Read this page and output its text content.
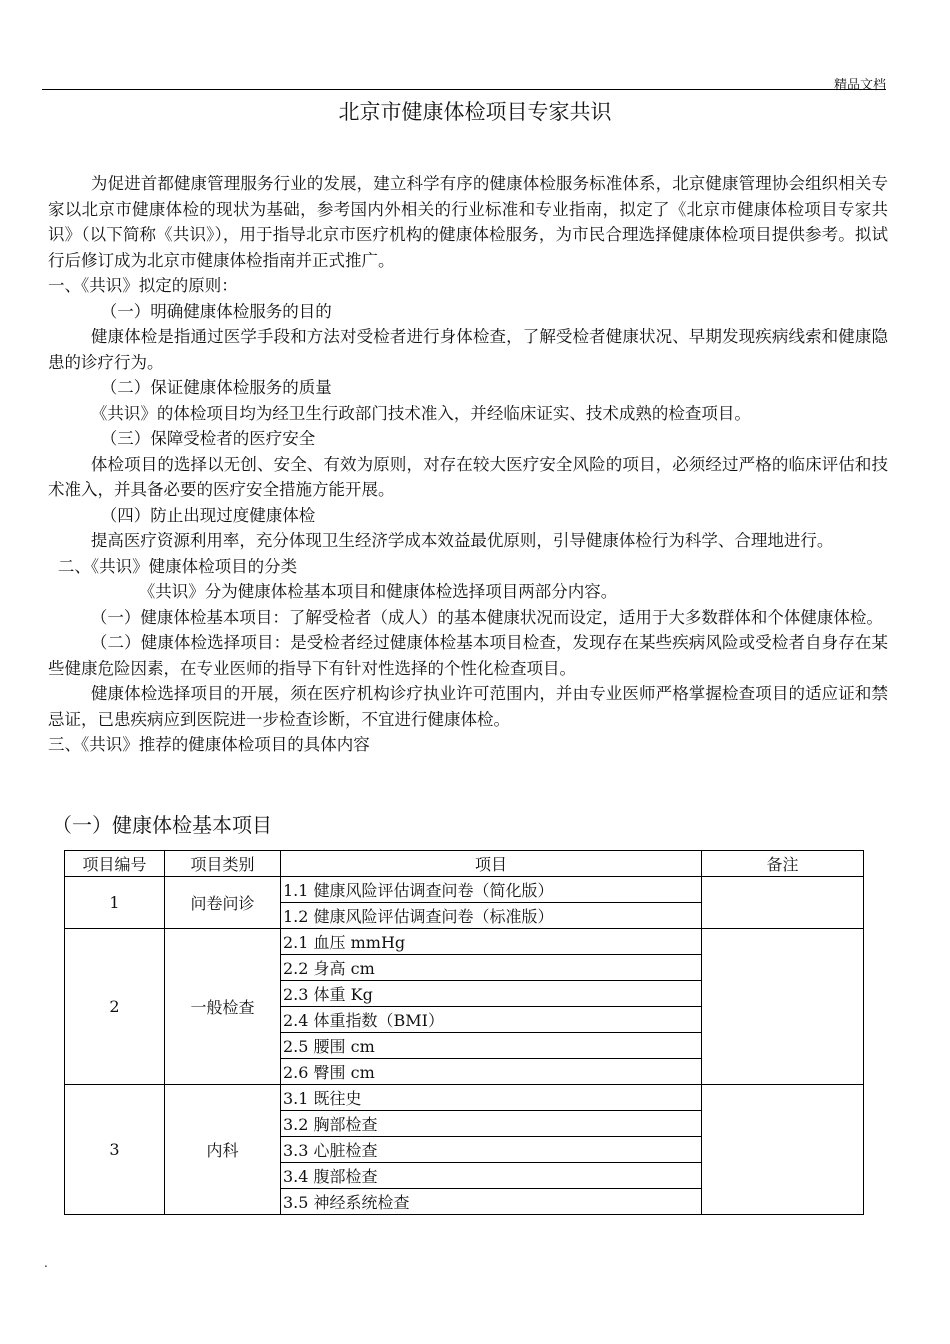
精品文档
北京市健康体检项目专家共识

为促进首都健康管理服务行业的发展，建立科学有序的健康体检服务标准体系，北京健康管理协会组织相关专家以北京市健康体检的现状为基础，参考国内外相关的行业标准和专业指南，拟定了《北京市健康体检项目专家共识》（以下简称《共识》），用于指导北京市医疗机构的健康体检服务，为市民合理选择健康体检项目提供参考。拟试行后修订成为北京市健康体检指南并正式推广。

一、《共识》拟定的原则：

（一）明确健康体检服务的目的

健康体检是指通过医学手段和方法对受检者进行身体检查，了解受检者健康状况、早期发现疾病线索和健康隐患的诊疗行为。

（二）保证健康体检服务的质量

《共识》的体检项目均为经卫生行政部门技术准入，并经临床证实、技术成熟的检查项目。

（三）保障受检者的医疗安全

体检项目的选择以无创、安全、有效为原则，对存在较大医疗安全风险的项目，必须经过严格的临床评估和技术准入，并具备必要的医疗安全措施方能开展。

（四）防止出现过度健康体检

提高医疗资源利用率，充分体现卫生经济学成本效益最优原则，引导健康体检行为科学、合理地进行。

二、《共识》健康体检项目的分类

《共识》分为健康体检基本项目和健康体检选择项目两部分内容。

（一）健康体检基本项目：了解受检者（成人）的基本健康状况而设定，适用于大多数群体和个体健康体检。

（二）健康体检选择项目：是受检者经过健康体检基本项目检查，发现存在某些疾病风险或受检者自身存在某些健康危险因素，在专业医师的指导下有针对性选择的个性化检查项目。

健康体检选择项目的开展，须在医疗机构诊疗执业许可范围内，并由专业医师严格掌握检查项目的适应证和禁忌证，已患疾病应到医院进一步检查诊断，不宜进行健康体检。

三、《共识》推荐的健康体检项目的具体内容

（一）健康体检基本项目
项目编号	项目类别	项目	备注
1	问卷问诊	1.1 健康风险评估调查问卷（简化版）	
		1.2 健康风险评估调查问卷（标准版）	
2	一般检查	2.1 血压 mmHg	
		2.2 身高 cm	
		2.3 体重 Kg	
		2.4 体重指数（BMI）	
		2.5 腰围 cm	
		2.6 臀围 cm	
3	内科	3.1 既往史	
		3.2 胸部检查	
		3.3 心脏检查	
		3.4 腹部检查	
		3.5 神经系统检查	
.
